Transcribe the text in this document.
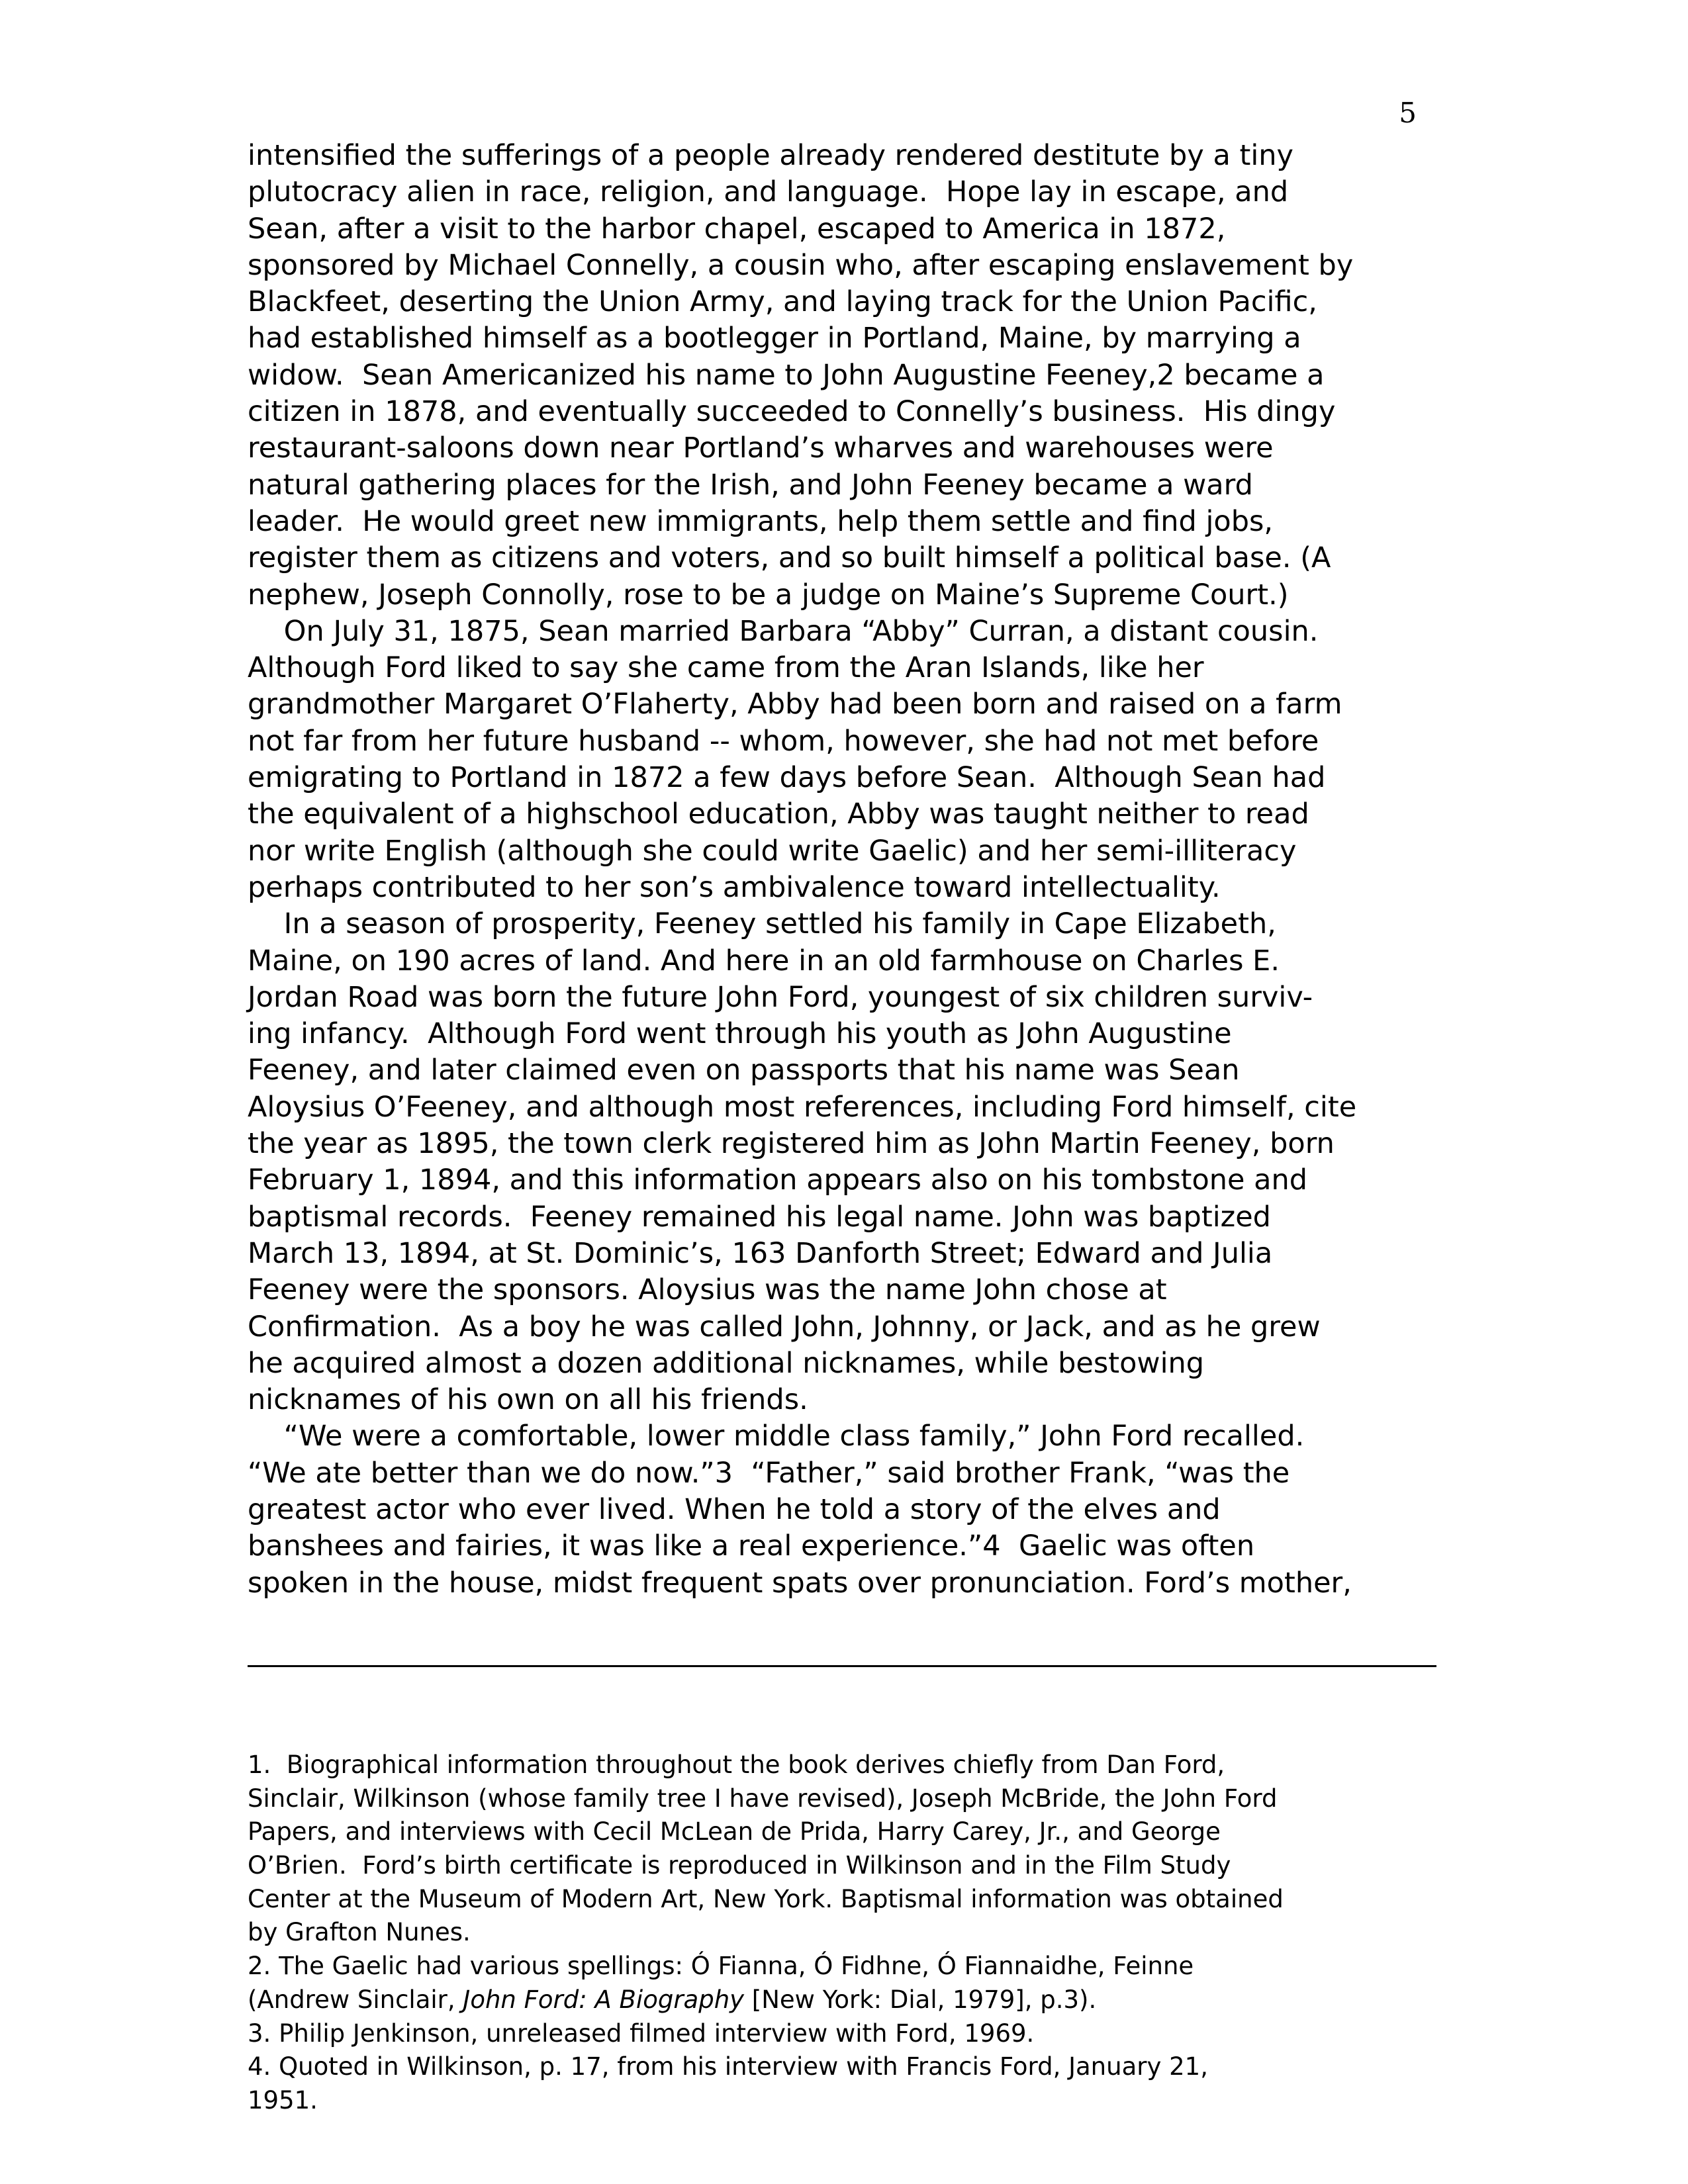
5
intensified the sufferings of a people already rendered destitute by a tiny
plutocracy alien in race, religion, and language.  Hope lay in escape, and
Sean, after a visit to the harbor chapel, escaped to America in 1872,
sponsored by Michael Connelly, a cousin who, after escaping enslavement by
Blackfeet, deserting the Union Army, and laying track for the Union Pacific,
had established himself as a bootlegger in Portland, Maine, by marrying a
widow.  Sean Americanized his name to John Augustine Feeney,2 became a
citizen in 1878, and eventually succeeded to Connelly’s business.  His dingy
restaurant-saloons down near Portland’s wharves and warehouses were
natural gathering places for the Irish, and John Feeney became a ward
leader.  He would greet new immigrants, help them settle and find jobs,
register them as citizens and voters, and so built himself a political base. (A
nephew, Joseph Connolly, rose to be a judge on Maine’s Supreme Court.)
On July 31, 1875, Sean married Barbara “Abby” Curran, a distant cousin.
Although Ford liked to say she came from the Aran Islands, like her
grandmother Margaret O’Flaherty, Abby had been born and raised on a farm
not far from her future husband -- whom, however, she had not met before
emigrating to Portland in 1872 a few days before Sean.  Although Sean had
the equivalent of a highschool education, Abby was taught neither to read
nor write English (although she could write Gaelic) and her semi-illiteracy
perhaps contributed to her son’s ambivalence toward intellectuality.
In a season of prosperity, Feeney settled his family in Cape Elizabeth,
Maine, on 190 acres of land. And here in an old farmhouse on Charles E.
Jordan Road was born the future John Ford, youngest of six children surviv-
ing infancy.  Although Ford went through his youth as John Augustine
Feeney, and later claimed even on passports that his name was Sean
Aloysius O’Feeney, and although most references, including Ford himself, cite
the year as 1895, the town clerk registered him as John Martin Feeney, born
February 1, 1894, and this information appears also on his tombstone and
baptismal records.  Feeney remained his legal name. John was baptized
March 13, 1894, at St. Dominic’s, 163 Danforth Street; Edward and Julia
Feeney were the sponsors. Aloysius was the name John chose at
Confirmation.  As a boy he was called John, Johnny, or Jack, and as he grew
he acquired almost a dozen additional nicknames, while bestowing
nicknames of his own on all his friends.
“We were a comfortable, lower middle class family,” John Ford recalled.
“We ate better than we do now.”3  “Father,” said brother Frank, “was the
greatest actor who ever lived. When he told a story of the elves and
banshees and fairies, it was like a real experience.”4  Gaelic was often
spoken in the house, midst frequent spats over pronunciation. Ford’s mother,
1.  Biographical information throughout the book derives chiefly from Dan Ford,
Sinclair, Wilkinson (whose family tree I have revised), Joseph McBride, the John Ford
Papers, and interviews with Cecil McLean de Prida, Harry Carey, Jr., and George
O’Brien.  Ford’s birth certificate is reproduced in Wilkinson and in the Film Study
Center at the Museum of Modern Art, New York. Baptismal information was obtained
by Grafton Nunes.
2. The Gaelic had various spellings: Ó Fianna, Ó Fidhne, Ó Fiannaidhe, Feinne
(Andrew Sinclair, John Ford: A Biography [New York: Dial, 1979], p.3).
3. Philip Jenkinson, unreleased filmed interview with Ford, 1969.
4. Quoted in Wilkinson, p. 17, from his interview with Francis Ford, January 21,
1951.
